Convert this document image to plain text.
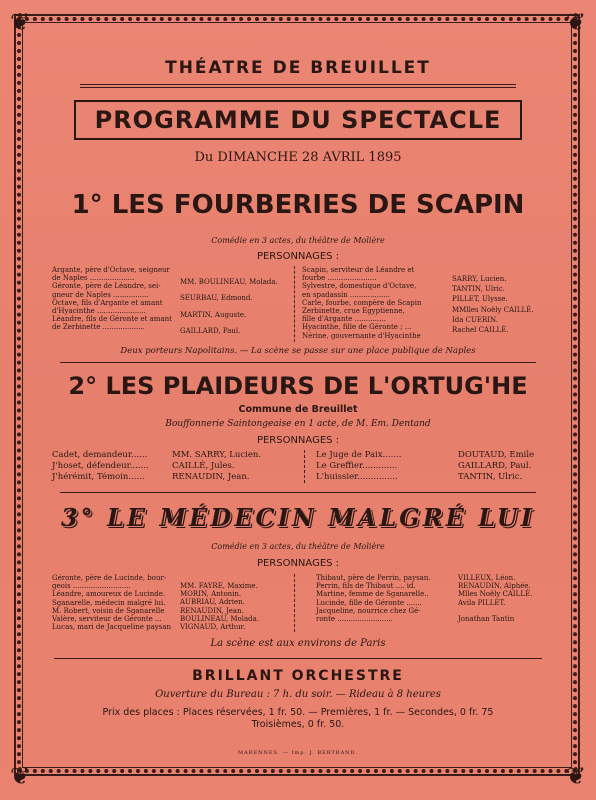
❦	❦
❦	❦
THÉATRE DE BREUILLET
PROGRAMME DU SPECTACLE
Du DIMANCHE 28 AVRIL 1895
1° LES FOURBERIES DE SCAPIN
Comédie en 3 actes, du théâtre de Molière
PERSONNAGES :
Argante, père d'Octave, seigneur
de Naples ....................
Géronte, père de Léandre, sei-
gneur de Naples ................
Octave, fils d'Argante et amant
d'Hyacinthe ......................
Léandre, fils de Géronte et amant
de Zerbinette ...................
MM. BOULINEAU, Molada.
SEURBAU, Edmond.
MARTIN, Auguste.
GAILLARD, Paul.
Scapin, serviteur de Léandre et
fourbe ......................
Sylvestre, domestique d'Octave,
en spadassin ..................
Carle, fourbe, compère de Scapin
Zerbinette, crue Egyptienne,
fille d'Argante ..............
Hyacinthe, fille de Géronte ; ...
Nérine, gouvernante d'Hyacinthe
SARRY, Lucien.
TANTIN, Ulric.
PILLET, Ulysse.
MMlles Noëly CAILLÉ.
Ida CUERIN.
Rachel CAILLÉ.
Deux porteurs Napolitains. — La scène se passe sur une place publique de Naples
2° LES PLAIDEURS DE L'ORTUG'HE
Commune de Breuillet
Bouffonnerie Saintongeaise en 1 acte, de M. Em. Dentand
PERSONNAGES :
Cadet, demandeur......
J'hoset, défendeur.......
J'hérémit, Témoin......
MM. SARRY, Lucien.
CAILLÉ, Jules.
RENAUDIN, Jean.
Le Juge de Paix.......
Le Greffier.............
L'huissier...............
DOUTAUD, Emile
GAILLARD, Paul.
TANTIN, Ulric.
3° LE MÉDECIN MALGRÉ LUI
Comédie en 3 actes, du théâtre de Molière
PERSONNAGES :
Géronte, père de Lucinde, bour-
geois ..........................
Léandre, amoureux de Lucinde.
Sganarelle, médecin malgré lui.
M. Robert, voisin de Sganarelle
Valère, serviteur de Géronte ...
Lucas, mari de Jacqueline paysan
MM. FAYRE, Maxime.
MORIN, Antonin.
AUBRIAU, Adrien.
RENAUDIN, Jean.
BOULINEAU, Molada.
VIGNAUD, Arthur.
Thibaut, père de Perrin, paysan.
Perrin, fils de Thibaut .... id.
Martine, femme de Sganarelle..
Lucinde, fille de Géronte .......
Jacqueline, nourrice chez Gé-
ronte .........................
VILLEUX, Léon.
RENAUDIN, Alphée.
Mlles Noëly CAILLÉ.
Avila PILLET.
Jonathan Tantin
La scène est aux environs de Paris
BRILLANT ORCHESTRE
Ouverture du Bureau : 7 h. du soir. — Rideau à 8 heures
Prix des places : Places réservées, 1 fr. 50. — Premières, 1 fr. — Secondes, 0 fr. 75
Troisièmes, 0 fr. 50.
MARENNES. — Imp. J. BERTRAND.
